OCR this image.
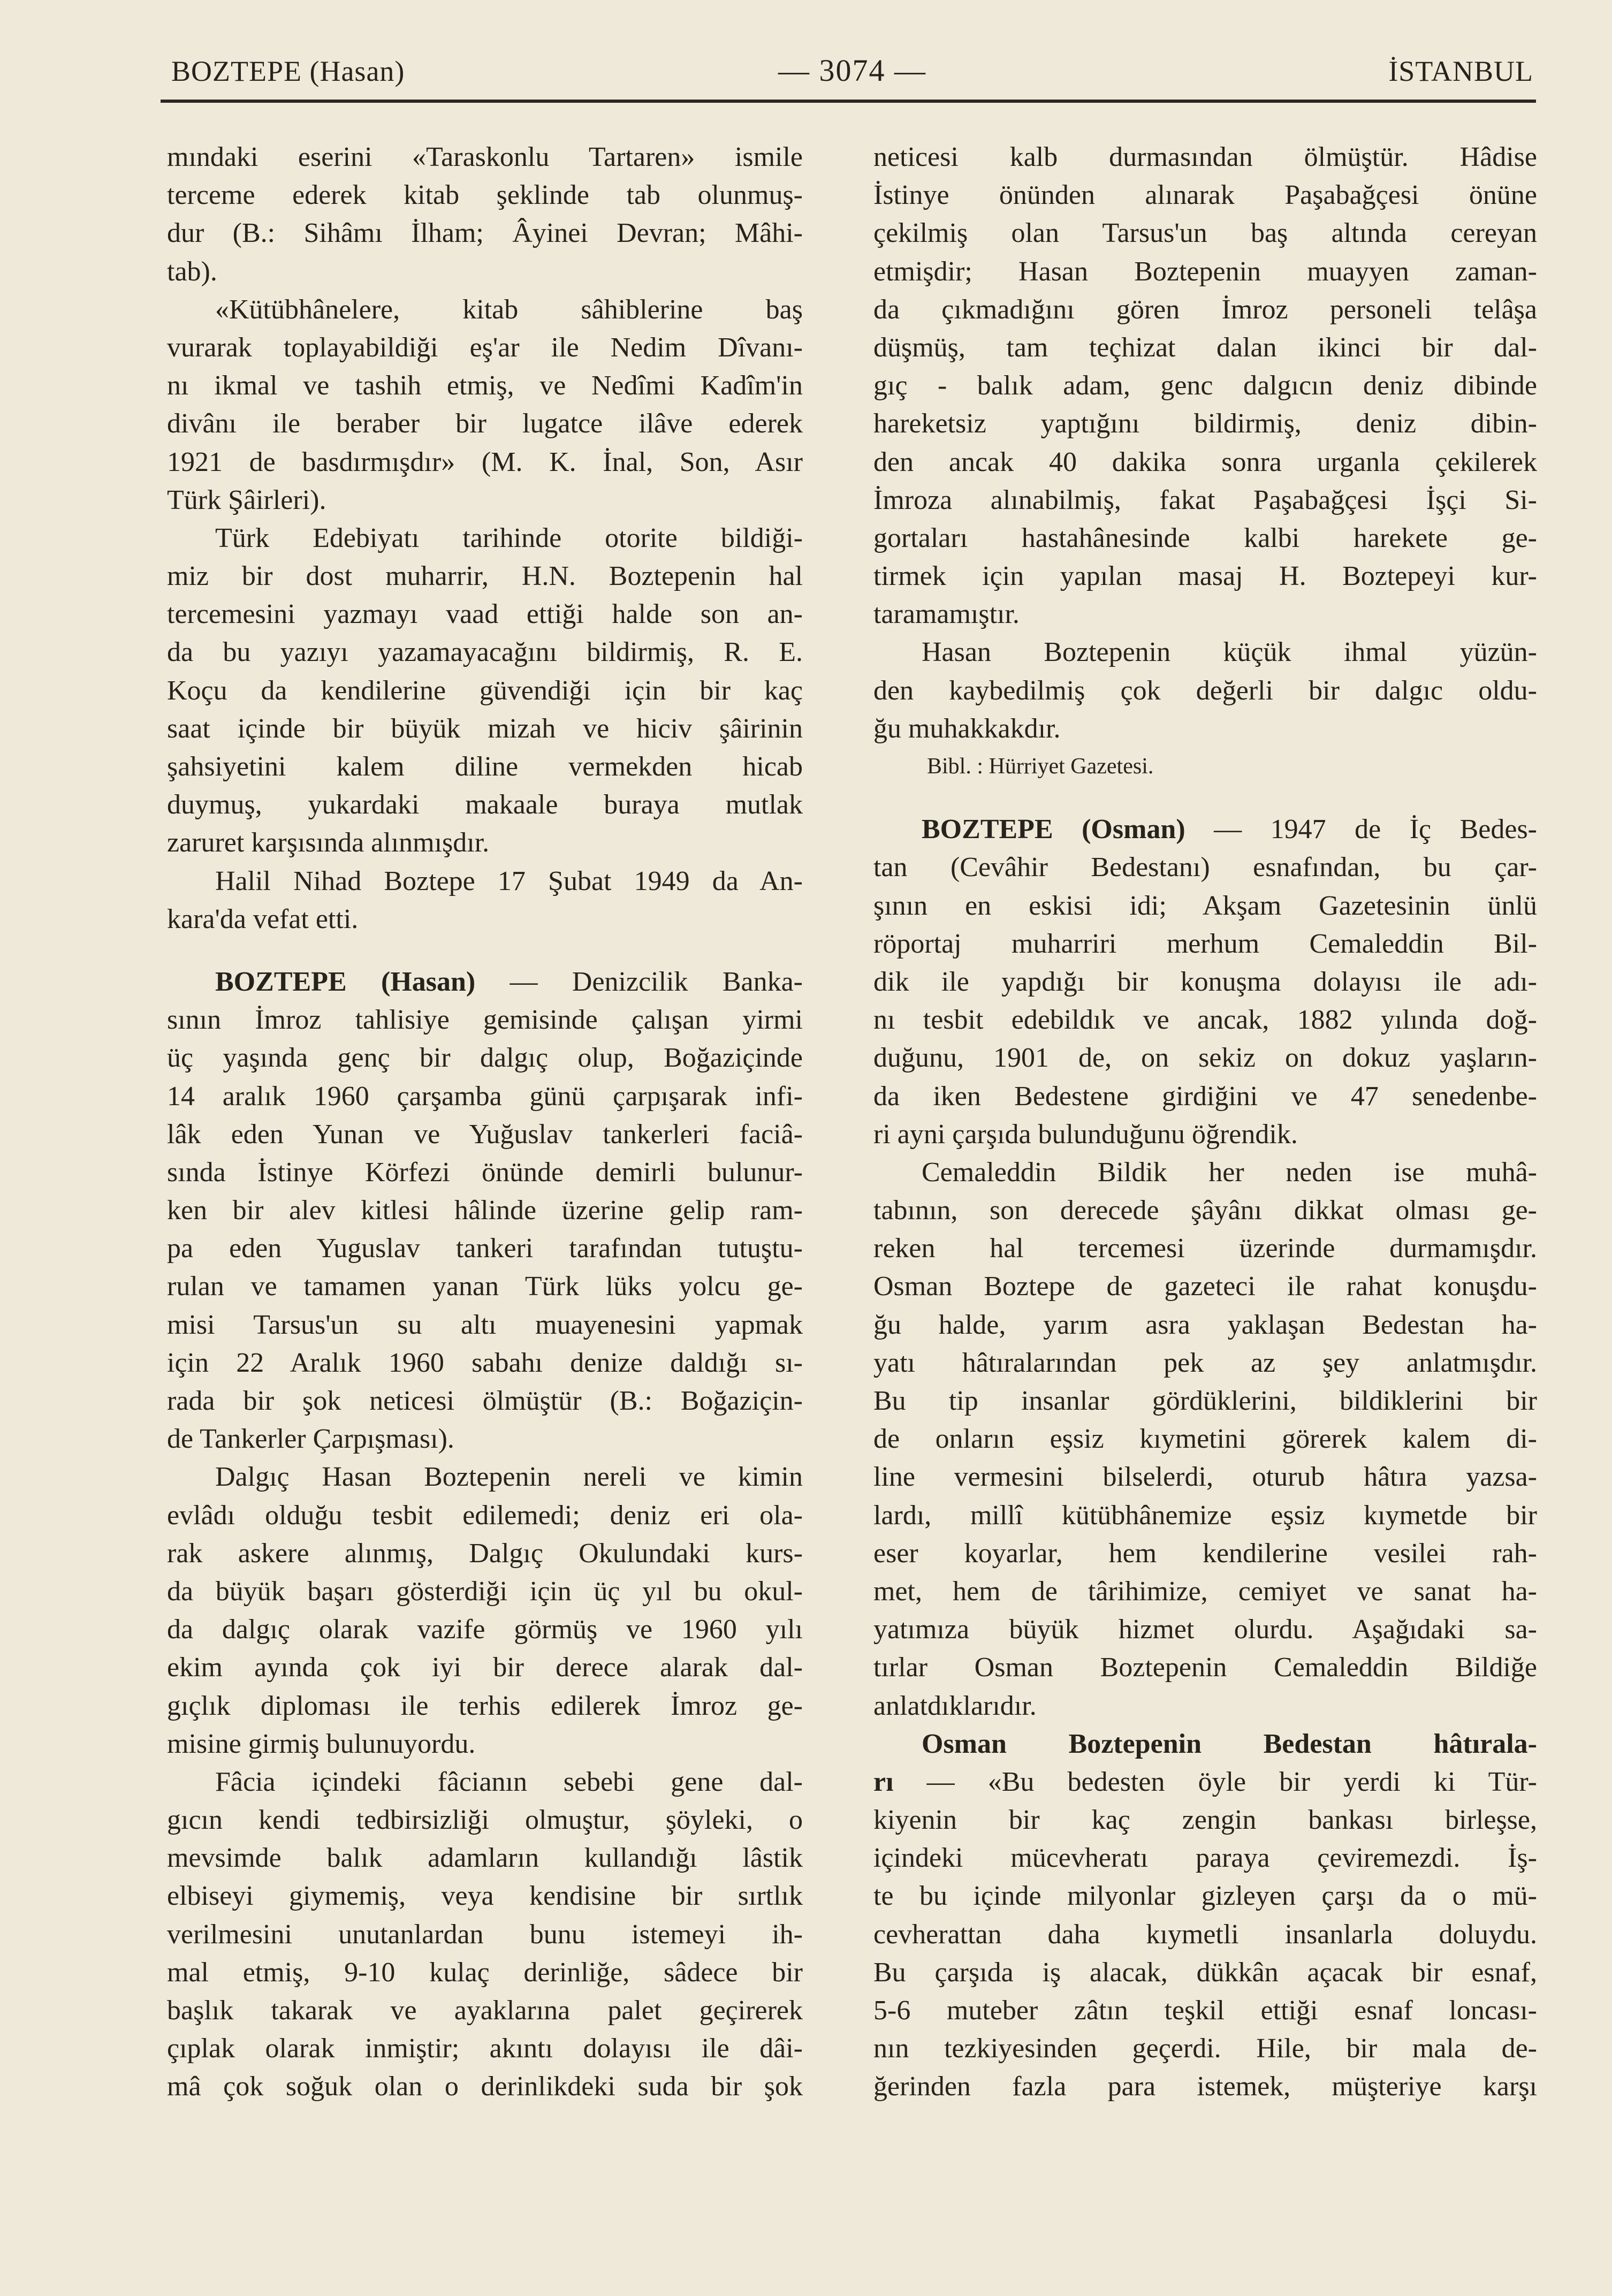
BOZTEPE (Hasan)	— 3074 —	İSTANBUL
mındaki eserini «Taraskonlu Tartaren» ismile
terceme ederek kitab şeklinde tab olunmuş-
dur (B.: Sihâmı İlham; Âyinei Devran; Mâhi-
tab).
«Kütübhânelere, kitab sâhiblerine baş
vurarak toplayabildiği eş'ar ile Nedim Dîvanı-
nı ikmal ve tashih etmiş, ve Nedîmi Kadîm'in
divânı ile beraber bir lugatce ilâve ederek
1921 de basdırmışdır» (M. K. İnal, Son, Asır
Türk Şâirleri).
Türk Edebiyatı tarihinde otorite bildiği-
miz bir dost muharrir, H.N. Boztepenin hal
tercemesini yazmayı vaad ettiği halde son an-
da bu yazıyı yazamayacağını bildirmiş, R. E.
Koçu da kendilerine güvendiği için bir kaç
saat içinde bir büyük mizah ve hiciv şâirinin
şahsiyetini kalem diline vermekden hicab
duymuş, yukardaki makaale buraya mutlak
zaruret karşısında alınmışdır.
Halil Nihad Boztepe 17 Şubat 1949 da An-
kara'da vefat etti.
BOZTEPE (Hasan) — Denizcilik Banka-
sının İmroz tahlisiye gemisinde çalışan yirmi
üç yaşında genç bir dalgıç olup, Boğaziçinde
14 aralık 1960 çarşamba günü çarpışarak infi-
lâk eden Yunan ve Yuğuslav tankerleri faciâ-
sında İstinye Körfezi önünde demirli bulunur-
ken bir alev kitlesi hâlinde üzerine gelip ram-
pa eden Yuguslav tankeri tarafından tutuştu-
rulan ve tamamen yanan Türk lüks yolcu ge-
misi Tarsus'un su altı muayenesini yapmak
için 22 Aralık 1960 sabahı denize daldığı sı-
rada bir şok neticesi ölmüştür (B.: Boğaziçin-
de Tankerler Çarpışması).
Dalgıç Hasan Boztepenin nereli ve kimin
evlâdı olduğu tesbit edilemedi; deniz eri ola-
rak askere alınmış, Dalgıç Okulundaki kurs-
da büyük başarı gösterdiği için üç yıl bu okul-
da dalgıç olarak vazife görmüş ve 1960 yılı
ekim ayında çok iyi bir derece alarak dal-
gıçlık diploması ile terhis edilerek İmroz ge-
misine girmiş bulunuyordu.
Fâcia içindeki fâcianın sebebi gene dal-
gıcın kendi tedbirsizliği olmuştur, şöyleki, o
mevsimde balık adamların kullandığı lâstik
elbiseyi giymemiş, veya kendisine bir sırtlık
verilmesini unutanlardan bunu istemeyi ih-
mal etmiş, 9-10 kulaç derinliğe, sâdece bir
başlık takarak ve ayaklarına palet geçirerek
çıplak olarak inmiştir; akıntı dolayısı ile dâi-
mâ çok soğuk olan o derinlikdeki suda bir şok
neticesi kalb durmasından ölmüştür. Hâdise
İstinye önünden alınarak Paşabağçesi önüne
çekilmiş olan Tarsus'un baş altında cereyan
etmişdir; Hasan Boztepenin muayyen zaman-
da çıkmadığını gören İmroz personeli telâşa
düşmüş, tam teçhizat dalan ikinci bir dal-
gıç - balık adam, genc dalgıcın deniz dibinde
hareketsiz yaptığını bildirmiş, deniz dibin-
den ancak 40 dakika sonra urganla çekilerek
İmroza alınabilmiş, fakat Paşabağçesi İşçi Si-
gortaları hastahânesinde kalbi harekete ge-
tirmek için yapılan masaj H. Boztepeyi kur-
taramamıştır.
Hasan Boztepenin küçük ihmal yüzün-
den kaybedilmiş çok değerli bir dalgıc oldu-
ğu muhakkakdır.
Bibl. : Hürriyet Gazetesi.
BOZTEPE (Osman) — 1947 de İç Bedes-
tan (Cevâhir Bedestanı) esnafından, bu çar-
şının en eskisi idi; Akşam Gazetesinin ünlü
röportaj muharriri merhum Cemaleddin Bil-
dik ile yapdığı bir konuşma dolayısı ile adı-
nı tesbit edebildık ve ancak, 1882 yılında doğ-
duğunu, 1901 de, on sekiz on dokuz yaşların-
da iken Bedestene girdiğini ve 47 senedenbe-
ri ayni çarşıda bulunduğunu öğrendik.
Cemaleddin Bildik her neden ise muhâ-
tabının, son derecede şâyânı dikkat olması ge-
reken hal tercemesi üzerinde durmamışdır.
Osman Boztepe de gazeteci ile rahat konuşdu-
ğu halde, yarım asra yaklaşan Bedestan ha-
yatı hâtıralarından pek az şey anlatmışdır.
Bu tip insanlar gördüklerini, bildiklerini bir
de onların eşsiz kıymetini görerek kalem di-
line vermesini bilselerdi, oturub hâtıra yazsa-
lardı, millî kütübhânemize eşsiz kıymetde bir
eser koyarlar, hem kendilerine vesilei rah-
met, hem de târihimize, cemiyet ve sanat ha-
yatımıza büyük hizmet olurdu. Aşağıdaki sa-
tırlar Osman Boztepenin Cemaleddin Bildiğe
anlatdıklarıdır.
Osman Boztepenin Bedestan hâtırala-
rı — «Bu bedesten öyle bir yerdi ki Tür-
kiyenin bir kaç zengin bankası birleşse,
içindeki mücevheratı paraya çeviremezdi. İş-
te bu içinde milyonlar gizleyen çarşı da o mü-
cevherattan daha kıymetli insanlarla doluydu.
Bu çarşıda iş alacak, dükkân açacak bir esnaf,
5-6 muteber zâtın teşkil ettiği esnaf loncası-
nın tezkiyesinden geçerdi. Hile, bir mala de-
ğerinden fazla para istemek, müşteriye karşı
